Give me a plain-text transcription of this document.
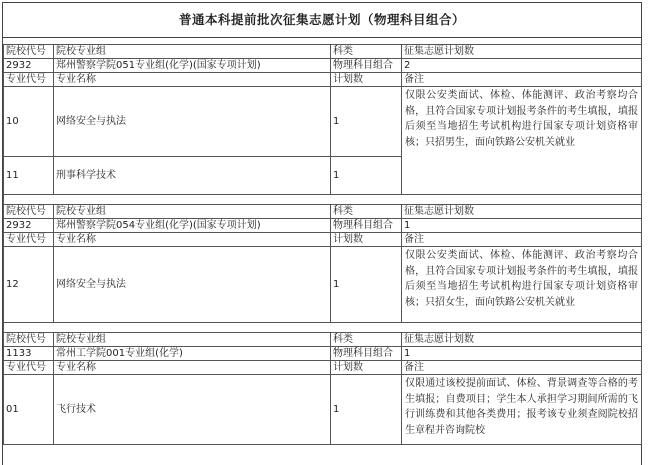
普通本科提前批次征集志愿计划（物理科目组合）
院校代号	院校专业组	科类	征集志愿计划数
2932	郑州警察学院051专业组(化学)(国家专项计划)	物理科目组合	2
专业代号	专业名称	计划数	备注
10	网络安全与执法	1	仅限公安类面试、体检、体能测评、政治考察均合格，且符合国家专项计划报考条件的考生填报，填报后须至当地招生考试机构进行国家专项计划资格审核；只招男生，面向铁路公安机关就业
11	刑事科学技术	1	

院校代号	院校专业组	科类	征集志愿计划数
2932	郑州警察学院054专业组(化学)(国家专项计划)	物理科目组合	1
专业代号	专业名称	计划数	备注
12	网络安全与执法	1	仅限公安类面试、体检、体能测评、政治考察均合格，且符合国家专项计划报考条件的考生填报，填报后须至当地招生考试机构进行国家专项计划资格审核；只招女生，面向铁路公安机关就业

院校代号	院校专业组	科类	征集志愿计划数
1133	常州工学院001专业组(化学)	物理科目组合	1
专业代号	专业名称	计划数	备注
01	飞行技术	1	仅限通过该校提前面试、体检、背景调查等合格的考生填报；自费项目；学生本人承担学习期间所需的飞行训练费和其他各类费用；报考该专业须查阅院校招生章程并咨询院校
